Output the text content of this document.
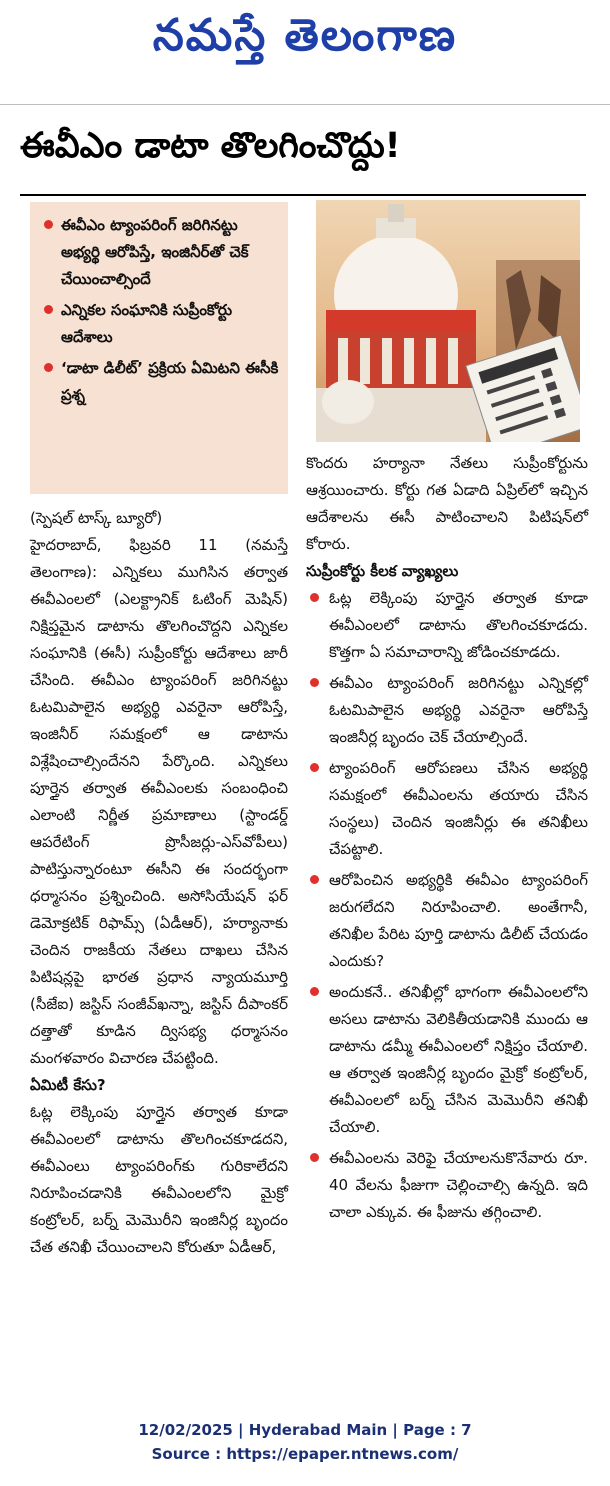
నమస్తే తెలంగాణ
ఈవీఎం డాటా తొలగించొద్దు!
ఈవీఎం ట్యాంపరింగ్ జరిగినట్టు అభ్యర్థి ఆరోపిస్తే, ఇంజినీర్‌తో చెక్ చేయించాల్సిందే
ఎన్నికల సంఘానికి సుప్రీంకోర్టు ఆదేశాలు
‘డాటా డిలీట్’ ప్రక్రియ ఏమిటని ఈసీకి ప్రశ్న

(స్పెషల్ టాస్క్ బ్యూరో)

హైదరాబాద్, ఫిబ్రవరి 11 (నమస్తే తెలంగాణ): ఎన్నికలు ముగిసిన తర్వాత ఈవీఎంలలో (ఎలక్ట్రానిక్ ఓటింగ్ మెషిన్) నిక్షిప్తమైన డాటాను తొలగించొద్దని ఎన్నికల సంఘానికి (ఈసీ) సుప్రీంకోర్టు ఆదేశాలు జారీ చేసింది. ఈవీఎం ట్యాంపరింగ్ జరిగినట్టు ఓటమిపాలైన అభ్యర్థి ఎవరైనా ఆరోపిస్తే, ఇంజినీర్ సమక్షంలో ఆ డాటాను విశ్లేషించాల్సిందేనని పేర్కొంది. ఎన్నికలు పూర్తైన తర్వాత ఈవీఎంలకు సంబంధించి ఎలాంటి నిర్ణీత ప్రమాణాలు (స్టాండర్డ్ ఆపరేటింగ్ ప్రొసీజర్లు-ఎస్‌వోపీలు) పాటిస్తున్నారంటూ ఈసీని ఈ సందర్భంగా ధర్మాసనం ప్రశ్నించింది. అసోసియేషన్ ఫర్ డెమోక్రటిక్ రిఫామ్స్ (ఏడీఆర్), హర్యానాకు చెందిన రాజకీయ నేతలు దాఖలు చేసిన పిటిషన్లపై భారత ప్రధాన న్యాయమూర్తి (సీజేఐ) జస్టిస్ సంజీవ్‌ఖన్నా, జస్టిస్ దీపాంకర్ దత్తాతో కూడిన ద్విసభ్య ధర్మాసనం మంగళవారం విచారణ చేపట్టింది.

ఏమిటీ కేసు?

ఓట్ల లెక్కింపు పూర్తైన తర్వాత కూడా ఈవీఎంలలో డాటాను తొలగించకూడదని, ఈవీఎంలు ట్యాంపరింగ్‌కు గురికాలేదని నిరూపించడానికి ఈవీఎంలలోని మైక్రో కంట్రోలర్, బర్న్ మెమొరీని ఇంజినీర్ల బృందం చేత తనిఖీ చేయించాలని కోరుతూ ఏడీఆర్,

కొందరు హర్యానా నేతలు సుప్రీంకోర్టును ఆశ్రయించారు. కోర్టు గత ఏడాది ఏప్రిల్‌లో ఇచ్చిన ఆదేశాలను ఈసీ పాటించాలని పిటిషన్‌లో కోరారు.

సుప్రీంకోర్టు కీలక వ్యాఖ్యలు

ఓట్ల లెక్కింపు పూర్తైన తర్వాత కూడా ఈవీఎంలలో డాటాను తొలగించకూడదు. కొత్తగా ఏ సమాచారాన్ని జోడించకూడదు.
ఈవీఎం ట్యాంపరింగ్ జరిగినట్టు ఎన్నికల్లో ఓటమిపాలైన అభ్యర్థి ఎవరైనా ఆరోపిస్తే ఇంజినీర్ల బృందం చెక్ చేయాల్సిందే.
ట్యాంపరింగ్ ఆరోపణలు చేసిన అభ్యర్థి సమక్షంలో ఈవీఎంలను తయారు చేసిన సంస్థలు) చెందిన ఇంజినీర్లు ఈ తనిఖీలు చేపట్టాలి.
ఆరోపించిన అభ్యర్థికి ఈవీఎం ట్యాంపరింగ్ జరుగలేదని నిరూపించాలి. అంతేగానీ, తనిఖీల పేరిట పూర్తి డాటాను డిలీట్ చేయడం ఎందుకు?
అందుకనే.. తనిఖీల్లో భాగంగా ఈవీఎంలలోని అసలు డాటాను వెలికితీయడానికి ముందు ఆ డాటాను డమ్మీ ఈవీఎంలలో నిక్షిప్తం చేయాలి. ఆ తర్వాత ఇంజినీర్ల బృందం మైక్రో కంట్రోలర్, ఈవీఎంలలో బర్న్ చేసిన మెమొరీని తనిఖీ చేయాలి.
ఈవీఎంలను వెరిఫై చేయాలనుకొనేవారు రూ. 40 వేలను ఫీజుగా చెల్లించాల్సి ఉన్నది. ఇది చాలా ఎక్కువ. ఈ ఫీజును తగ్గించాలి.
12/02/2025 | Hyderabad Main | Page : 7
Source : https://epaper.ntnews.com/
